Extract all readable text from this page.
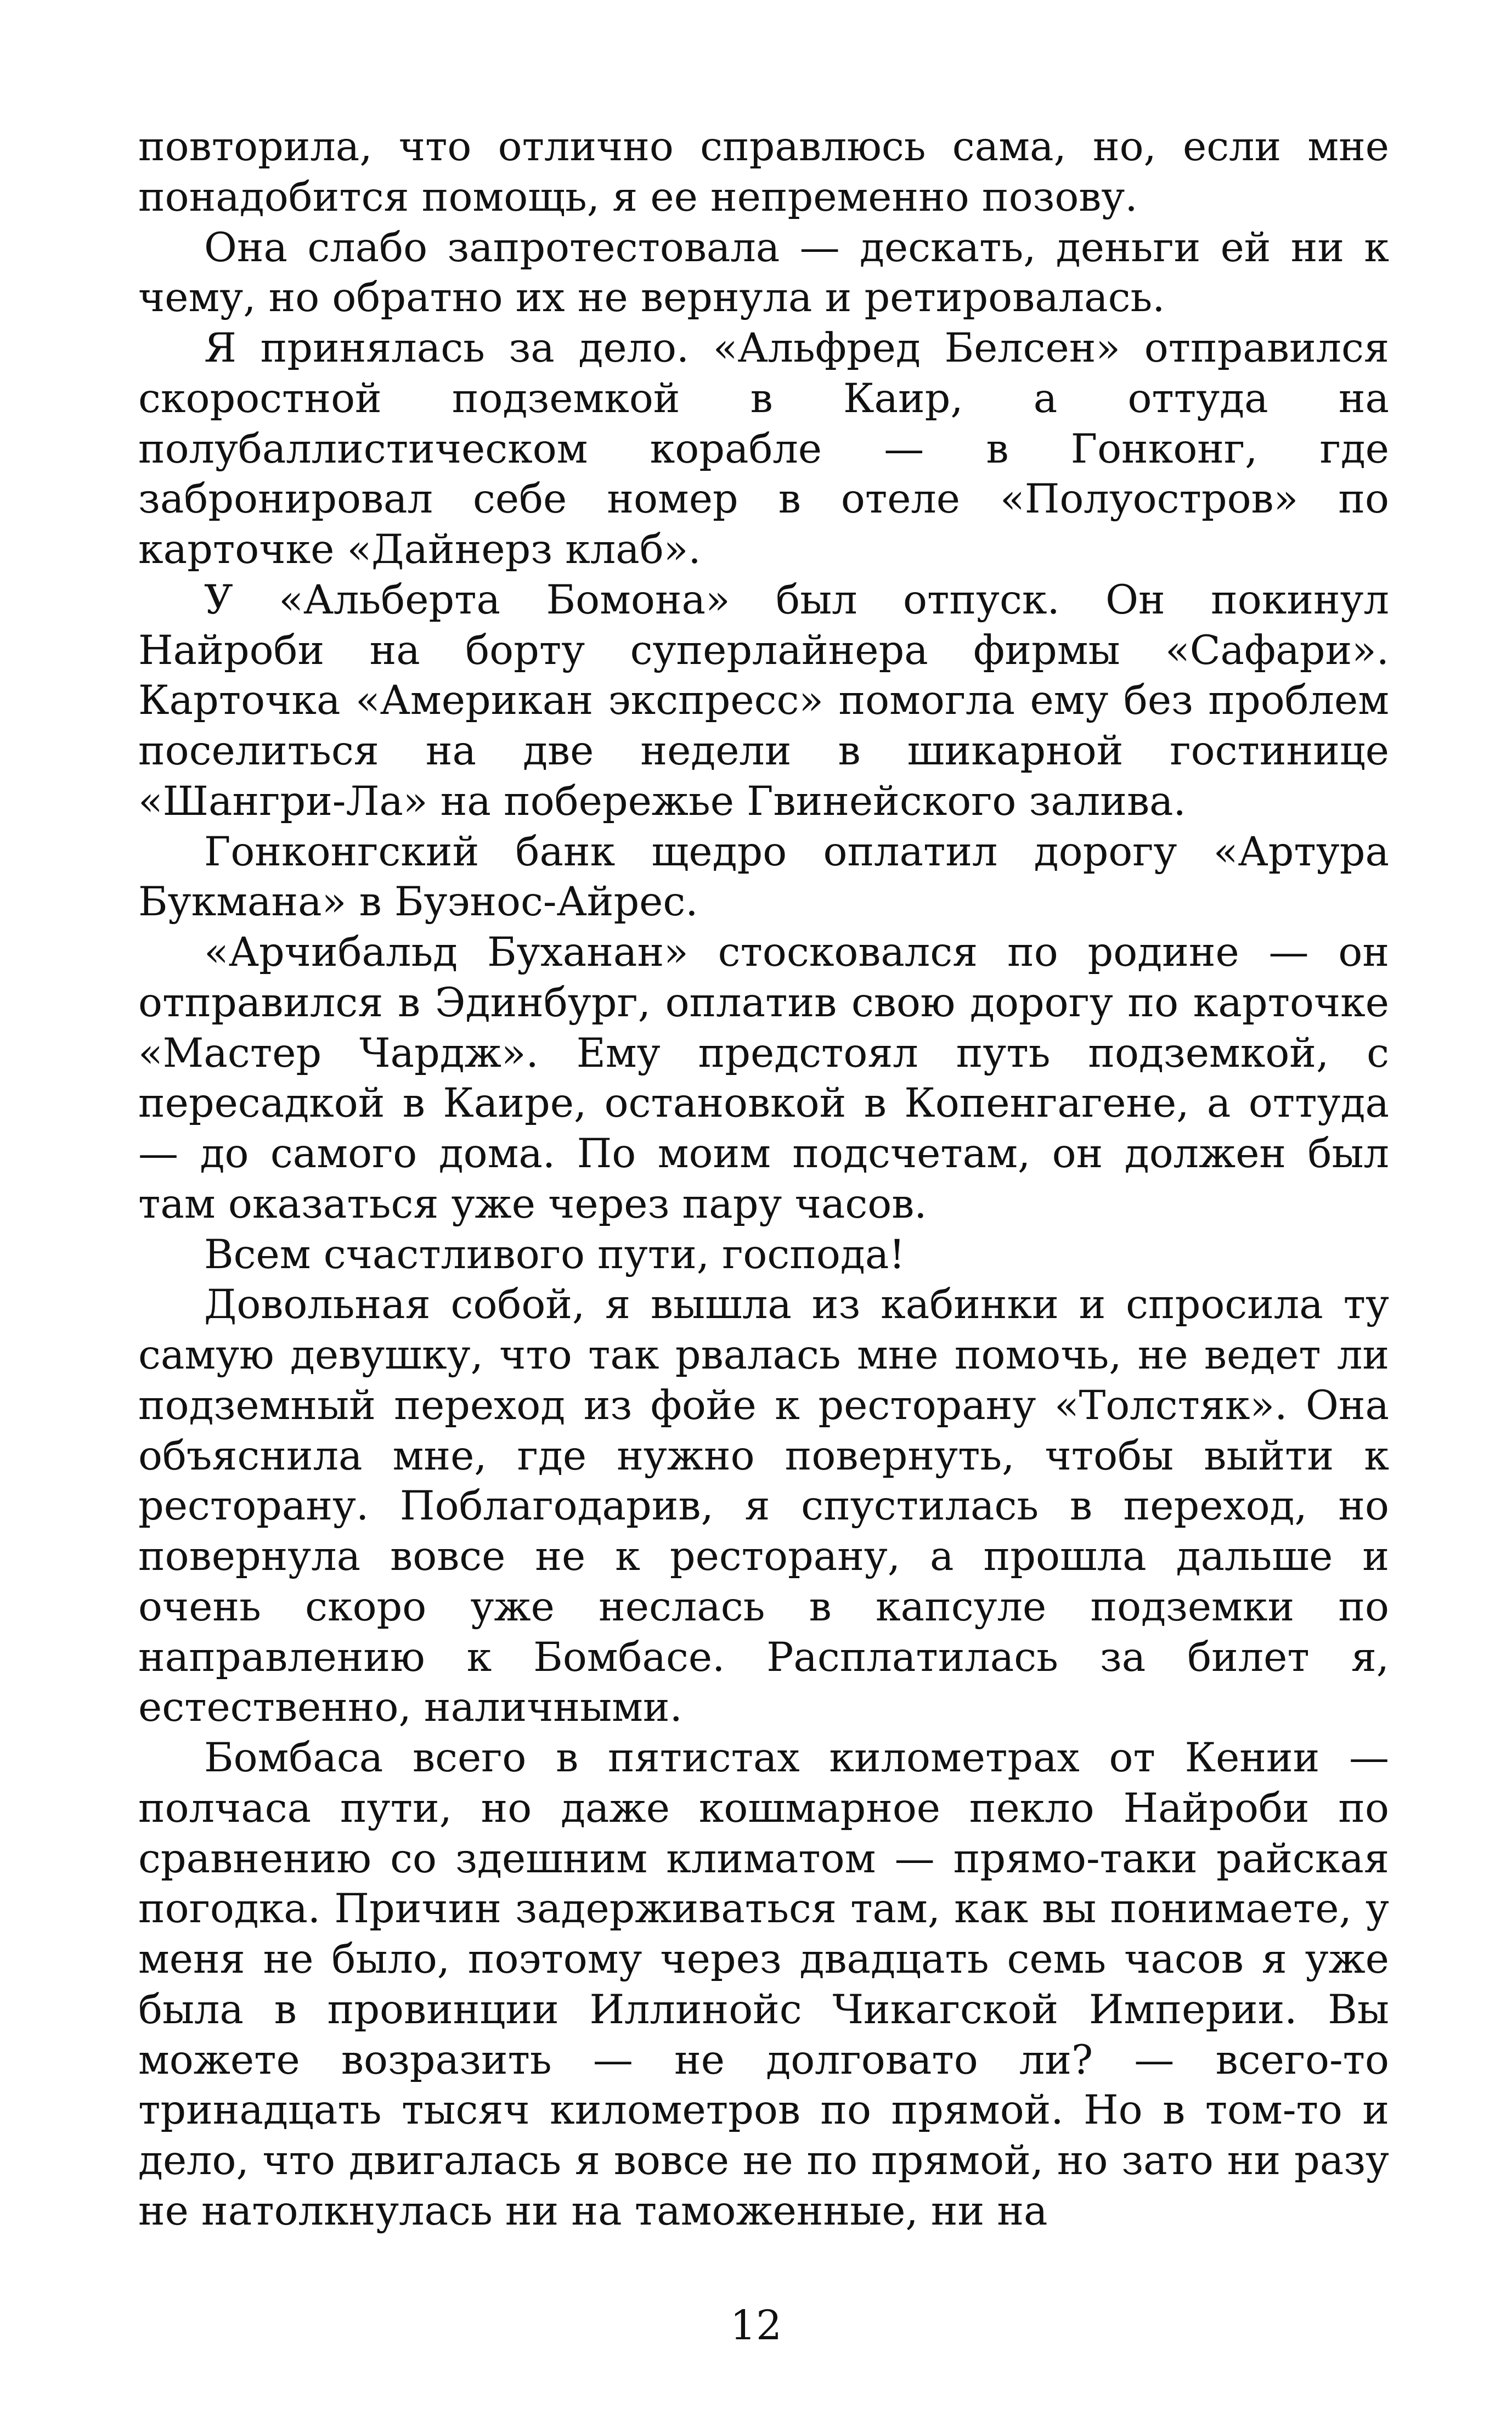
повторила, что отлично справлюсь сама, но, если мне понадобится помощь, я ее непременно позову.

Она слабо запротестовала — дескать, деньги ей ни к чему, но обратно их не вернула и ретировалась.

Я принялась за дело. «Альфред Белсен» отправился скоростной подземкой в Каир, а оттуда на полубаллистическом корабле — в Гонконг, где забронировал себе номер в отеле «Полуостров» по карточке «Дайнерз клаб».

У «Альберта Бомона» был отпуск. Он покинул Найроби на борту суперлайнера фирмы «Сафари». Карточка «Американ экспресс» помогла ему без проблем поселиться на две недели в шикарной гостинице «Шангри-Ла» на побережье Гвинейского залива.

Гонконгский банк щедро оплатил дорогу «Артура Букмана» в Буэнос-Айрес.

«Арчибальд Буханан» стосковался по родине — он отправился в Эдинбург, оплатив свою дорогу по карточке «Мастер Чардж». Ему предстоял путь подземкой, с пересадкой в Каире, остановкой в Копенгагене, а оттуда — до самого дома. По моим подсчетам, он должен был там оказаться уже через пару часов.

Всем счастливого пути, господа!

Довольная собой, я вышла из кабинки и спросила ту самую девушку, что так рвалась мне помочь, не ведет ли подземный переход из фойе к ресторану «Толстяк». Она объяснила мне, где нужно повернуть, чтобы выйти к ресторану. Поблагодарив, я спустилась в переход, но повернула вовсе не к ресторану, а прошла дальше и очень скоро уже неслась в капсуле подземки по направлению к Бомбасе. Расплатилась за билет я, естественно, наличными.

Бомбаса всего в пятистах километрах от Кении — полчаса пути, но даже кошмарное пекло Найроби по сравнению со здешним климатом — прямо-таки райская погодка. Причин задерживаться там, как вы понимаете, у меня не было, поэтому через двадцать семь часов я уже была в провинции Иллинойс Чикагской Империи. Вы можете возразить — не долговато ли? — всего-то тринадцать тысяч километров по прямой. Но в том-то и дело, что двигалась я вовсе не по прямой, но зато ни разу не натолкнулась ни на таможенные, ни на

12
